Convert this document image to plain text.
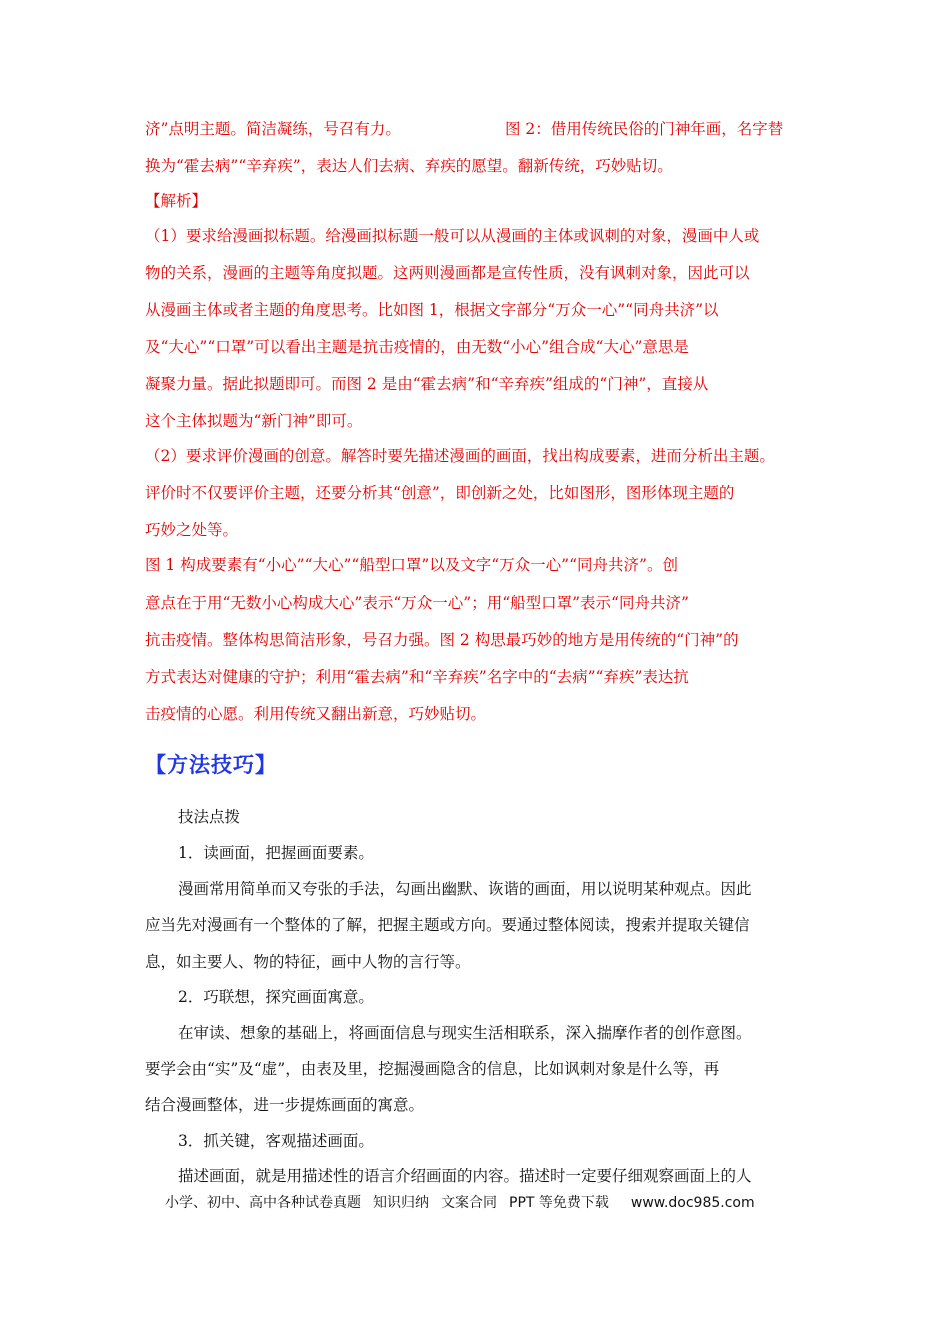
济”点明主题。简洁凝练，号召有力。	图 2：借用传统民俗的门神年画，名字替
换为“霍去病”“辛弃疾”，表达人们去病、弃疾的愿望。翻新传统，巧妙贴切。
【解析】
（1）要求给漫画拟标题。给漫画拟标题一般可以从漫画的主体或讽刺的对象，漫画中人或
物的关系，漫画的主题等角度拟题。这两则漫画都是宣传性质，没有讽刺对象，因此可以
从漫画主体或者主题的角度思考。比如图 1，根据文字部分“万众一心”“同舟共济”以
及“大心”“口罩”可以看出主题是抗击疫情的，由无数“小心”组合成“大心”意思是
凝聚力量。据此拟题即可。而图 2 是由“霍去病”和“辛弃疾”组成的“门神”，直接从
这个主体拟题为“新门神”即可。
（2）要求评价漫画的创意。解答时要先描述漫画的画面，找出构成要素，进而分析出主题。
评价时不仅要评价主题，还要分析其“创意”，即创新之处，比如图形，图形体现主题的
巧妙之处等。
图 1 构成要素有“小心”“大心”“船型口罩”以及文字“万众一心”“同舟共济”。创
意点在于用“无数小心构成大心”表示“万众一心”；用“船型口罩”表示“同舟共济”
抗击疫情。整体构思简洁形象，号召力强。图 2 构思最巧妙的地方是用传统的“门神”的
方式表达对健康的守护；利用“霍去病”和“辛弃疾”名字中的“去病”“弃疾”表达抗
击疫情的心愿。利用传统又翻出新意，巧妙贴切。
【方法技巧】
技法点拨
1．读画面，把握画面要素。
漫画常用简单而又夸张的手法，勾画出幽默、诙谐的画面，用以说明某种观点。因此
应当先对漫画有一个整体的了解，把握主题或方向。要通过整体阅读，搜索并提取关键信
息，如主要人、物的特征，画中人物的言行等。
2．巧联想，探究画面寓意。
在审读、想象的基础上，将画面信息与现实生活相联系，深入揣摩作者的创作意图。
要学会由“实”及“虚”，由表及里，挖掘漫画隐含的信息，比如讽刺对象是什么等，再
结合漫画整体，进一步提炼画面的寓意。
3．抓关键，客观描述画面。
描述画面，就是用描述性的语言介绍画面的内容。描述时一定要仔细观察画面上的人
小学、初中、高中各种试卷真题 知识归纳 文案合同 PPT 等免费下载 www.doc985.com
